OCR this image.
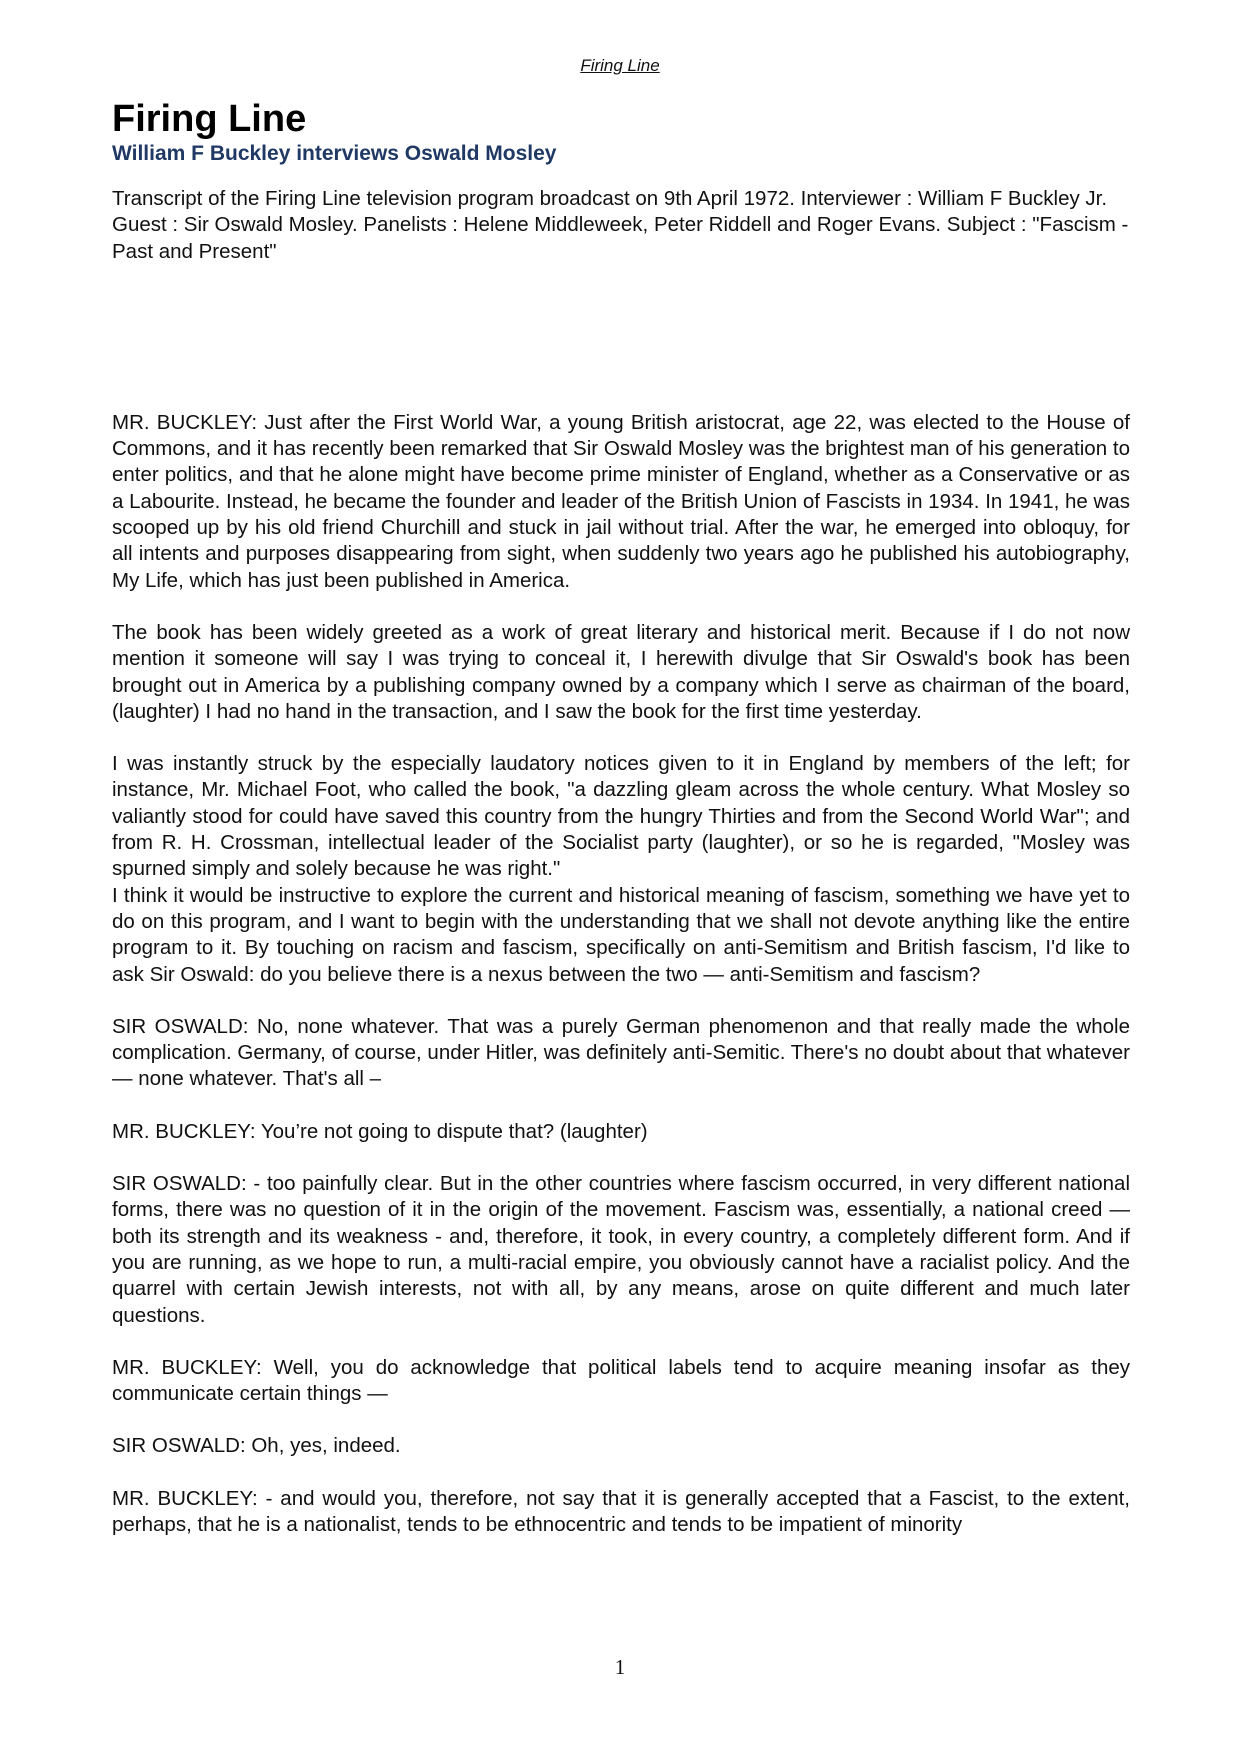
Firing Line
Firing Line
William F Buckley interviews Oswald Mosley

Transcript of the Firing Line television program broadcast on 9th April 1972. Interviewer : William F Buckley Jr. Guest : Sir Oswald Mosley. Panelists : Helene Middleweek, Peter Riddell and Roger Evans. Subject : "Fascism - Past and Present"

MR. BUCKLEY: Just after the First World War, a young British aristocrat, age 22, was elected to the House of Commons, and it has recently been remarked that Sir Oswald Mosley was the brightest man of his generation to enter politics, and that he alone might have become prime minister of England, whether as a Conservative or as a Labourite. Instead, he became the founder and leader of the British Union of Fascists in 1934. In 1941, he was scooped up by his old friend Churchill and stuck in jail without trial. After the war, he emerged into obloquy, for all intents and purposes disappearing from sight, when suddenly two years ago he published his autobiography, My Life, which has just been published in America.

The book has been widely greeted as a work of great literary and historical merit. Because if I do not now mention it someone will say I was trying to conceal it, I herewith divulge that Sir Oswald's book has been brought out in America by a publishing company owned by a company which I serve as chairman of the board, (laughter) I had no hand in the transaction, and I saw the book for the first time yesterday.

I was instantly struck by the especially laudatory notices given to it in England by members of the left; for instance, Mr. Michael Foot, who called the book, "a dazzling gleam across the whole century. What Mosley so valiantly stood for could have saved this country from the hungry Thirties and from the Second World War"; and from R. H. Crossman, intellectual leader of the Socialist party (laughter), or so he is regarded, "Mosley was spurned simply and solely because he was right."

I think it would be instructive to explore the current and historical meaning of fascism, something we have yet to do on this program, and I want to begin with the understanding that we shall not devote anything like the entire program to it. By touching on racism and fascism, specifically on anti-Semitism and British fascism, I'd like to ask Sir Oswald: do you believe there is a nexus between the two — anti-Semitism and fascism?

SIR OSWALD: No, none whatever. That was a purely German phenomenon and that really made the whole complication. Germany, of course, under Hitler, was definitely anti-Semitic. There's no doubt about that whatever — none whatever. That's all –

MR. BUCKLEY: You’re not going to dispute that? (laughter)

SIR OSWALD: - too painfully clear. But in the other countries where fascism occurred, in very different national forms, there was no question of it in the origin of the movement. Fascism was, essentially, a national creed — both its strength and its weakness - and, therefore, it took, in every country, a completely different form. And if you are running, as we hope to run, a multi-racial empire, you obviously cannot have a racialist policy. And the quarrel with certain Jewish interests, not with all, by any means, arose on quite different and much later questions.

MR. BUCKLEY: Well, you do acknowledge that political labels tend to acquire meaning insofar as they communicate certain things —

SIR OSWALD: Oh, yes, indeed.

MR. BUCKLEY: - and would you, therefore, not say that it is generally accepted that a Fascist, to the extent, perhaps, that he is a nationalist, tends to be ethnocentric and tends to be impatient of minority

1
